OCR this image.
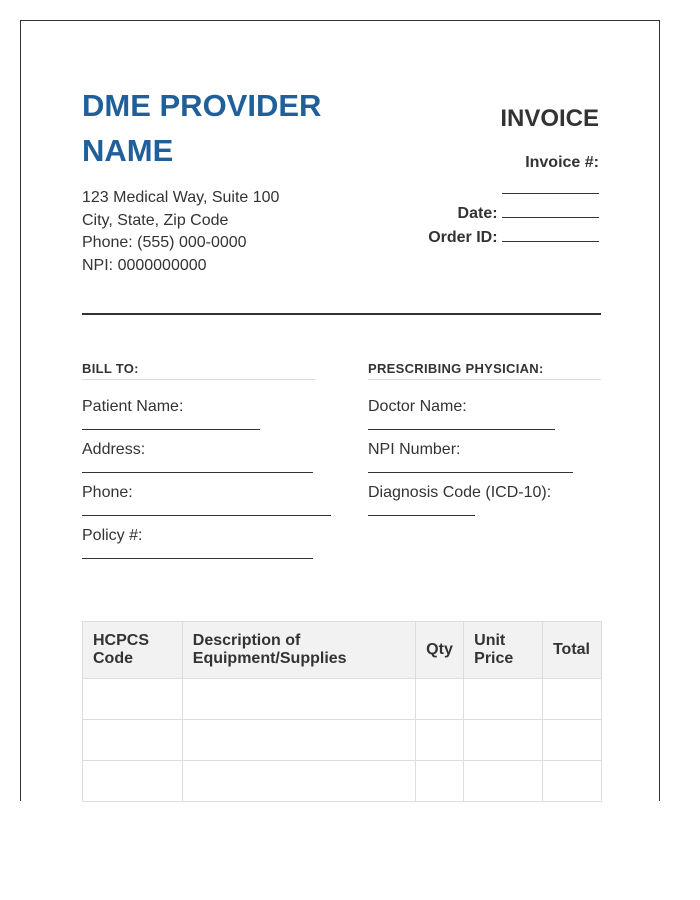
DME PROVIDER NAME
123 Medical Way, Suite 100
City, State, Zip Code
Phone: (555) 000-0000
NPI: 0000000000
INVOICE
Invoice #:
Date:
Order ID:
BILL TO:
Patient Name:
Address:
Phone:
Policy #:
PRESCRIBING PHYSICIAN:
Doctor Name:
NPI Number:
Diagnosis Code (ICD-10):
HCPCS Code	Description of Equipment/Supplies	Qty	Unit Price	Total
